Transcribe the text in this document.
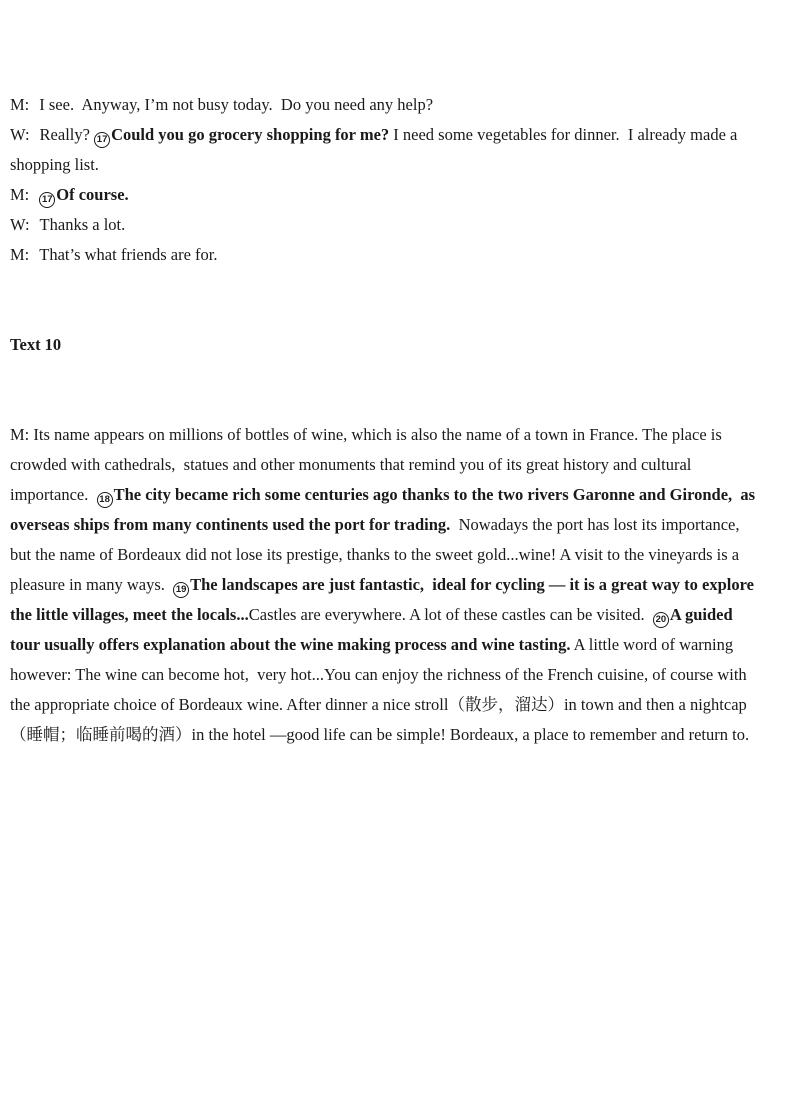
M: I see.  Anyway, I’m not busy today.  Do you need any help?

W: Really? 17 Could you go grocery shopping for me? I need some vegetables for dinner.  I already made a shopping list.

M: 17 Of course.

W: Thanks a lot.

M: That’s what friends are for.

Text 10

M: Its name appears on millions of bottles of wine, which is also the name of a town in France. The place is crowded with cathedrals,  statues and other monuments that remind you of its great history and cultural importance.  18 The city became rich some centuries ago thanks to the two rivers Garonne and Gironde,  as overseas ships from many continents used the port for trading.  Nowadays the port has lost its importance,  but the name of Bordeaux did not lose its prestige, thanks to the sweet gold...wine! A visit to the vineyards is a pleasure in many ways.  19 The landscapes are just fantastic,  ideal for cycling — it is a great way to explore the little villages, meet the locals...Castles are everywhere. A lot of these castles can be visited.  20 A guided tour usually offers explanation about the wine making process and wine tasting. A little word of warning however: The wine can become hot,  very hot...You can enjoy the richness of the French cuisine, of course with the appropriate choice of Bordeaux wine. After dinner a nice stroll（散步，溜达）in town and then a nightcap（睡帽；临睡前喝的酒）in the hotel —good life can be simple! Bordeaux, a place to remember and return to.
